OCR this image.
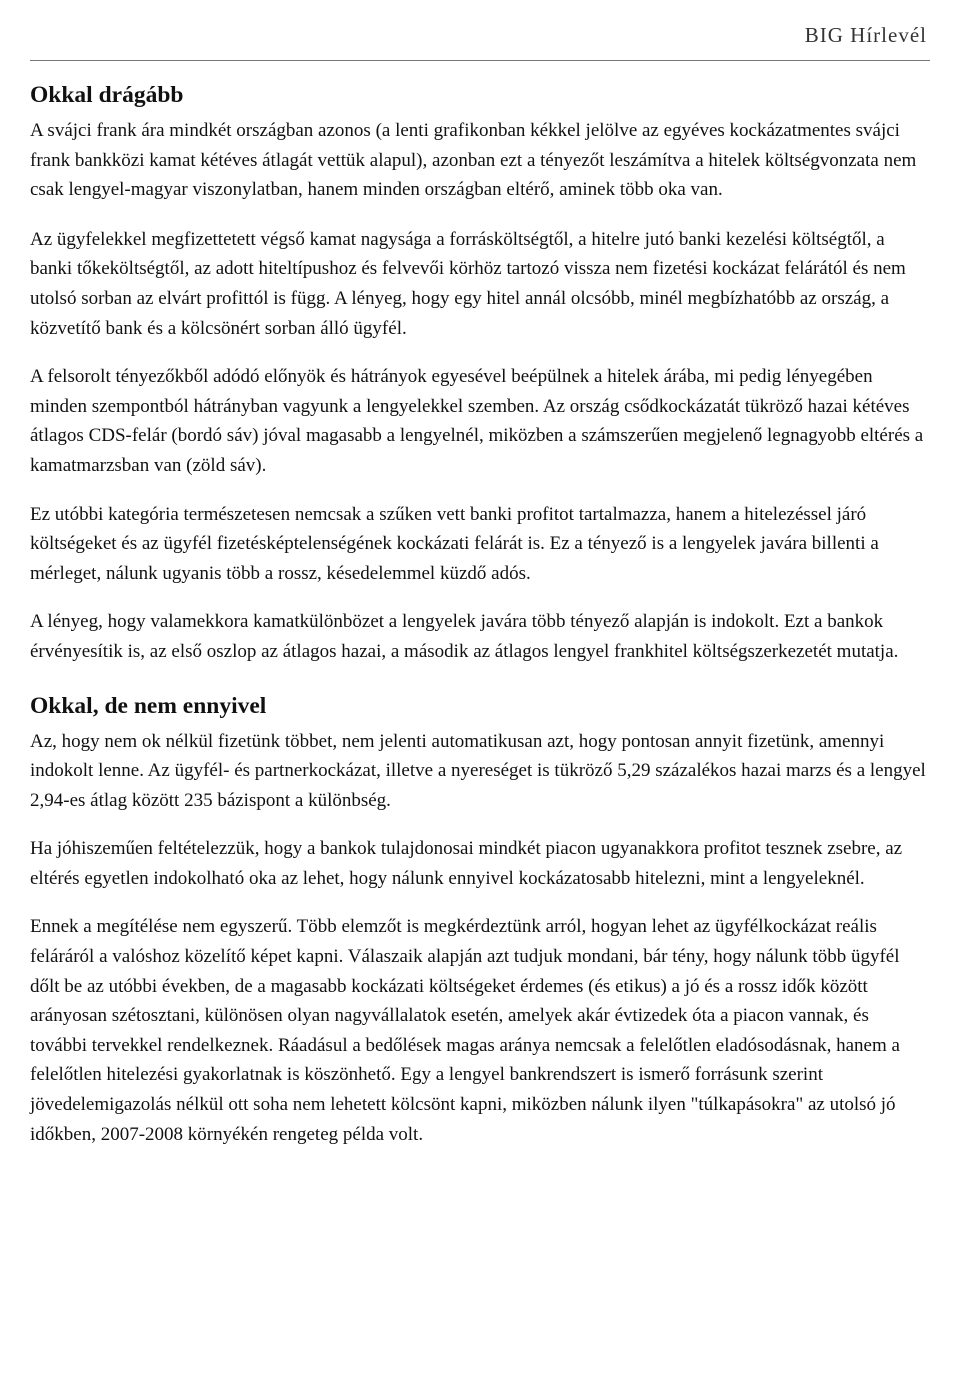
BIG Hírlevél
Okkal drágább

A svájci frank ára mindkét országban azonos (a lenti grafikonban kékkel jelölve az egyéves kockázatmentes svájci frank bankközi kamat kétéves átlagát vettük alapul), azonban ezt a tényezőt leszámítva a hitelek költségvonzata nem csak lengyel-magyar viszonylatban, hanem minden országban eltérő, aminek több oka van.

Az ügyfelekkel megfizettetett végső kamat nagysága a forrásköltségtől, a hitelre jutó banki kezelési költségtől, a banki tőkeköltségtől, az adott hiteltípushoz és felvevői körhöz tartozó vissza nem fizetési kockázat felárától és nem utolsó sorban az elvárt profittól is függ. A lényeg, hogy egy hitel annál olcsóbb, minél megbízhatóbb az ország, a közvetítő bank és a kölcsönért sorban álló ügyfél.

A felsorolt tényezőkből adódó előnyök és hátrányok egyesével beépülnek a hitelek árába, mi pedig lényegében minden szempontból hátrányban vagyunk a lengyelekkel szemben. Az ország csődkockázatát tükröző hazai kétéves átlagos CDS-felár (bordó sáv) jóval magasabb a lengyelnél, miközben a számszerűen megjelenő legnagyobb eltérés a kamatmarzsban van (zöld sáv).

Ez utóbbi kategória természetesen nemcsak a szűken vett banki profitot tartalmazza, hanem a hitelezéssel járó költségeket és az ügyfél fizetésképtelenségének kockázati felárát is. Ez a tényező is a lengyelek javára billenti a mérleget, nálunk ugyanis több a rossz, késedelemmel küzdő adós.

A lényeg, hogy valamekkora kamatkülönbözet a lengyelek javára több tényező alapján is indokolt. Ezt a bankok érvényesítik is, az első oszlop az átlagos hazai, a második az átlagos lengyel frankhitel költségszerkezetét mutatja.

Okkal, de nem ennyivel

Az, hogy nem ok nélkül fizetünk többet, nem jelenti automatikusan azt, hogy pontosan annyit fizetünk, amennyi indokolt lenne. Az ügyfél- és partnerkockázat, illetve a nyereséget is tükröző 5,29 százalékos hazai marzs és a lengyel 2,94-es átlag között 235 bázispont a különbség.

Ha jóhiszeműen feltételezzük, hogy a bankok tulajdonosai mindkét piacon ugyanakkora profitot tesznek zsebre, az eltérés egyetlen indokolható oka az lehet, hogy nálunk ennyivel kockázatosabb hitelezni, mint a lengyeleknél.

Ennek a megítélése nem egyszerű. Több elemzőt is megkérdeztünk arról, hogyan lehet az ügyfélkockázat reális feláráról a valóshoz közelítő képet kapni. Válaszaik alapján azt tudjuk mondani, bár tény, hogy nálunk több ügyfél dőlt be az utóbbi években, de a magasabb kockázati költségeket érdemes (és etikus) a jó és a rossz idők között arányosan szétosztani, különösen olyan nagyvállalatok esetén, amelyek akár évtizedek óta a piacon vannak, és további tervekkel rendelkeznek. Ráadásul a bedőlések magas aránya nemcsak a felelőtlen eladósodásnak, hanem a felelőtlen hitelezési gyakorlatnak is köszönhető. Egy a lengyel bankrendszert is ismerő forrásunk szerint jövedelemigazolás nélkül ott soha nem lehetett kölcsönt kapni, miközben nálunk ilyen "túlkapásokra" az utolsó jó időkben, 2007-2008 környékén rengeteg példa volt.
